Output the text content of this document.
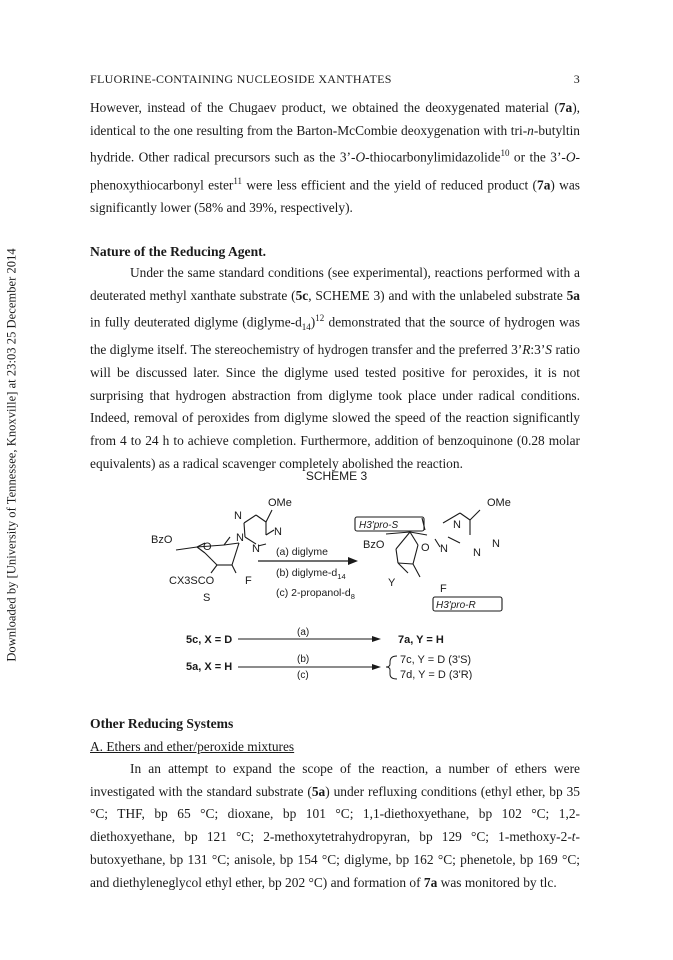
Downloaded by [University of Tennessee, Knoxville] at 23:03 25 December 2014
FLUORINE-CONTAINING NUCLEOSIDE XANTHATES	3

However, instead of the Chugaev product, we obtained the deoxygenated material (7a), identical to the one resulting from the Barton-McCombie deoxygenation with tri-n-butyltin hydride. Other radical precursors such as the 3’-O-thiocarbonylimidazolide$^{10}$ or the 3’-O-phenoxythiocarbonyl ester$^{11}$ were less efficient and the yield of reduced product (7a) was significantly lower (58% and 39%, respectively).

Nature of the Reducing Agent.

Under the same standard conditions (see experimental), reactions performed with a deuterated methyl xanthate substrate (5c, SCHEME 3) and with the unlabeled substrate 5a in fully deuterated diglyme $(diglyme-d_{14})^{12}$ demonstrated that the source of hydrogen was the diglyme itself. The stereochemistry of hydrogen transfer and the preferred 3’R:3’S ratio will be discussed later. Since the diglyme used tested positive for peroxides, it is not surprising that hydrogen abstraction from diglyme took place under radical conditions. Indeed, removal of peroxides from diglyme slowed the speed of the reaction significantly from 4 to 24 h to achieve completion. Furthermore, addition of benzoquinone (0.28 molar equivalents) as a radical scavenger completely abolished the reaction.

SCHEME 3
OMe
N
N
N
N
BzO
O
F
CX3SCO
S
(a) diglyme
(b) diglyme-$d_{14}$
(c) $2-propanol-d_8$
H3'pro-S
H3'pro-R
OMe
BzO	O
N
N
N N
Y	F
5c, X = D
(a)
7a, Y = H
5a, X = H
(b)
(c)
7c, Y = D (3'S)
7d, Y = D (3'R)
Other Reducing Systems
A. Ethers and ether/peroxide mixtures

In an attempt to expand the scope of the reaction, a number of ethers were investigated with the standard substrate (5a) under refluxing conditions (ethyl ether, bp 35 °C; THF, bp 65 °C; dioxane, bp 101 °C; 1,1-diethoxyethane, bp 102 °C; 1,2-diethoxyethane, bp 121 °C; 2-methoxytetrahydropyran, bp 129 °C; 1-methoxy-2-t-butoxyethane, bp 131 °C; anisole, bp 154 °C; diglyme, bp 162 °C; phenetole, bp 169 °C; and diethyleneglycol ethyl ether, bp 202 °C) and formation of 7a was monitored by tlc.
